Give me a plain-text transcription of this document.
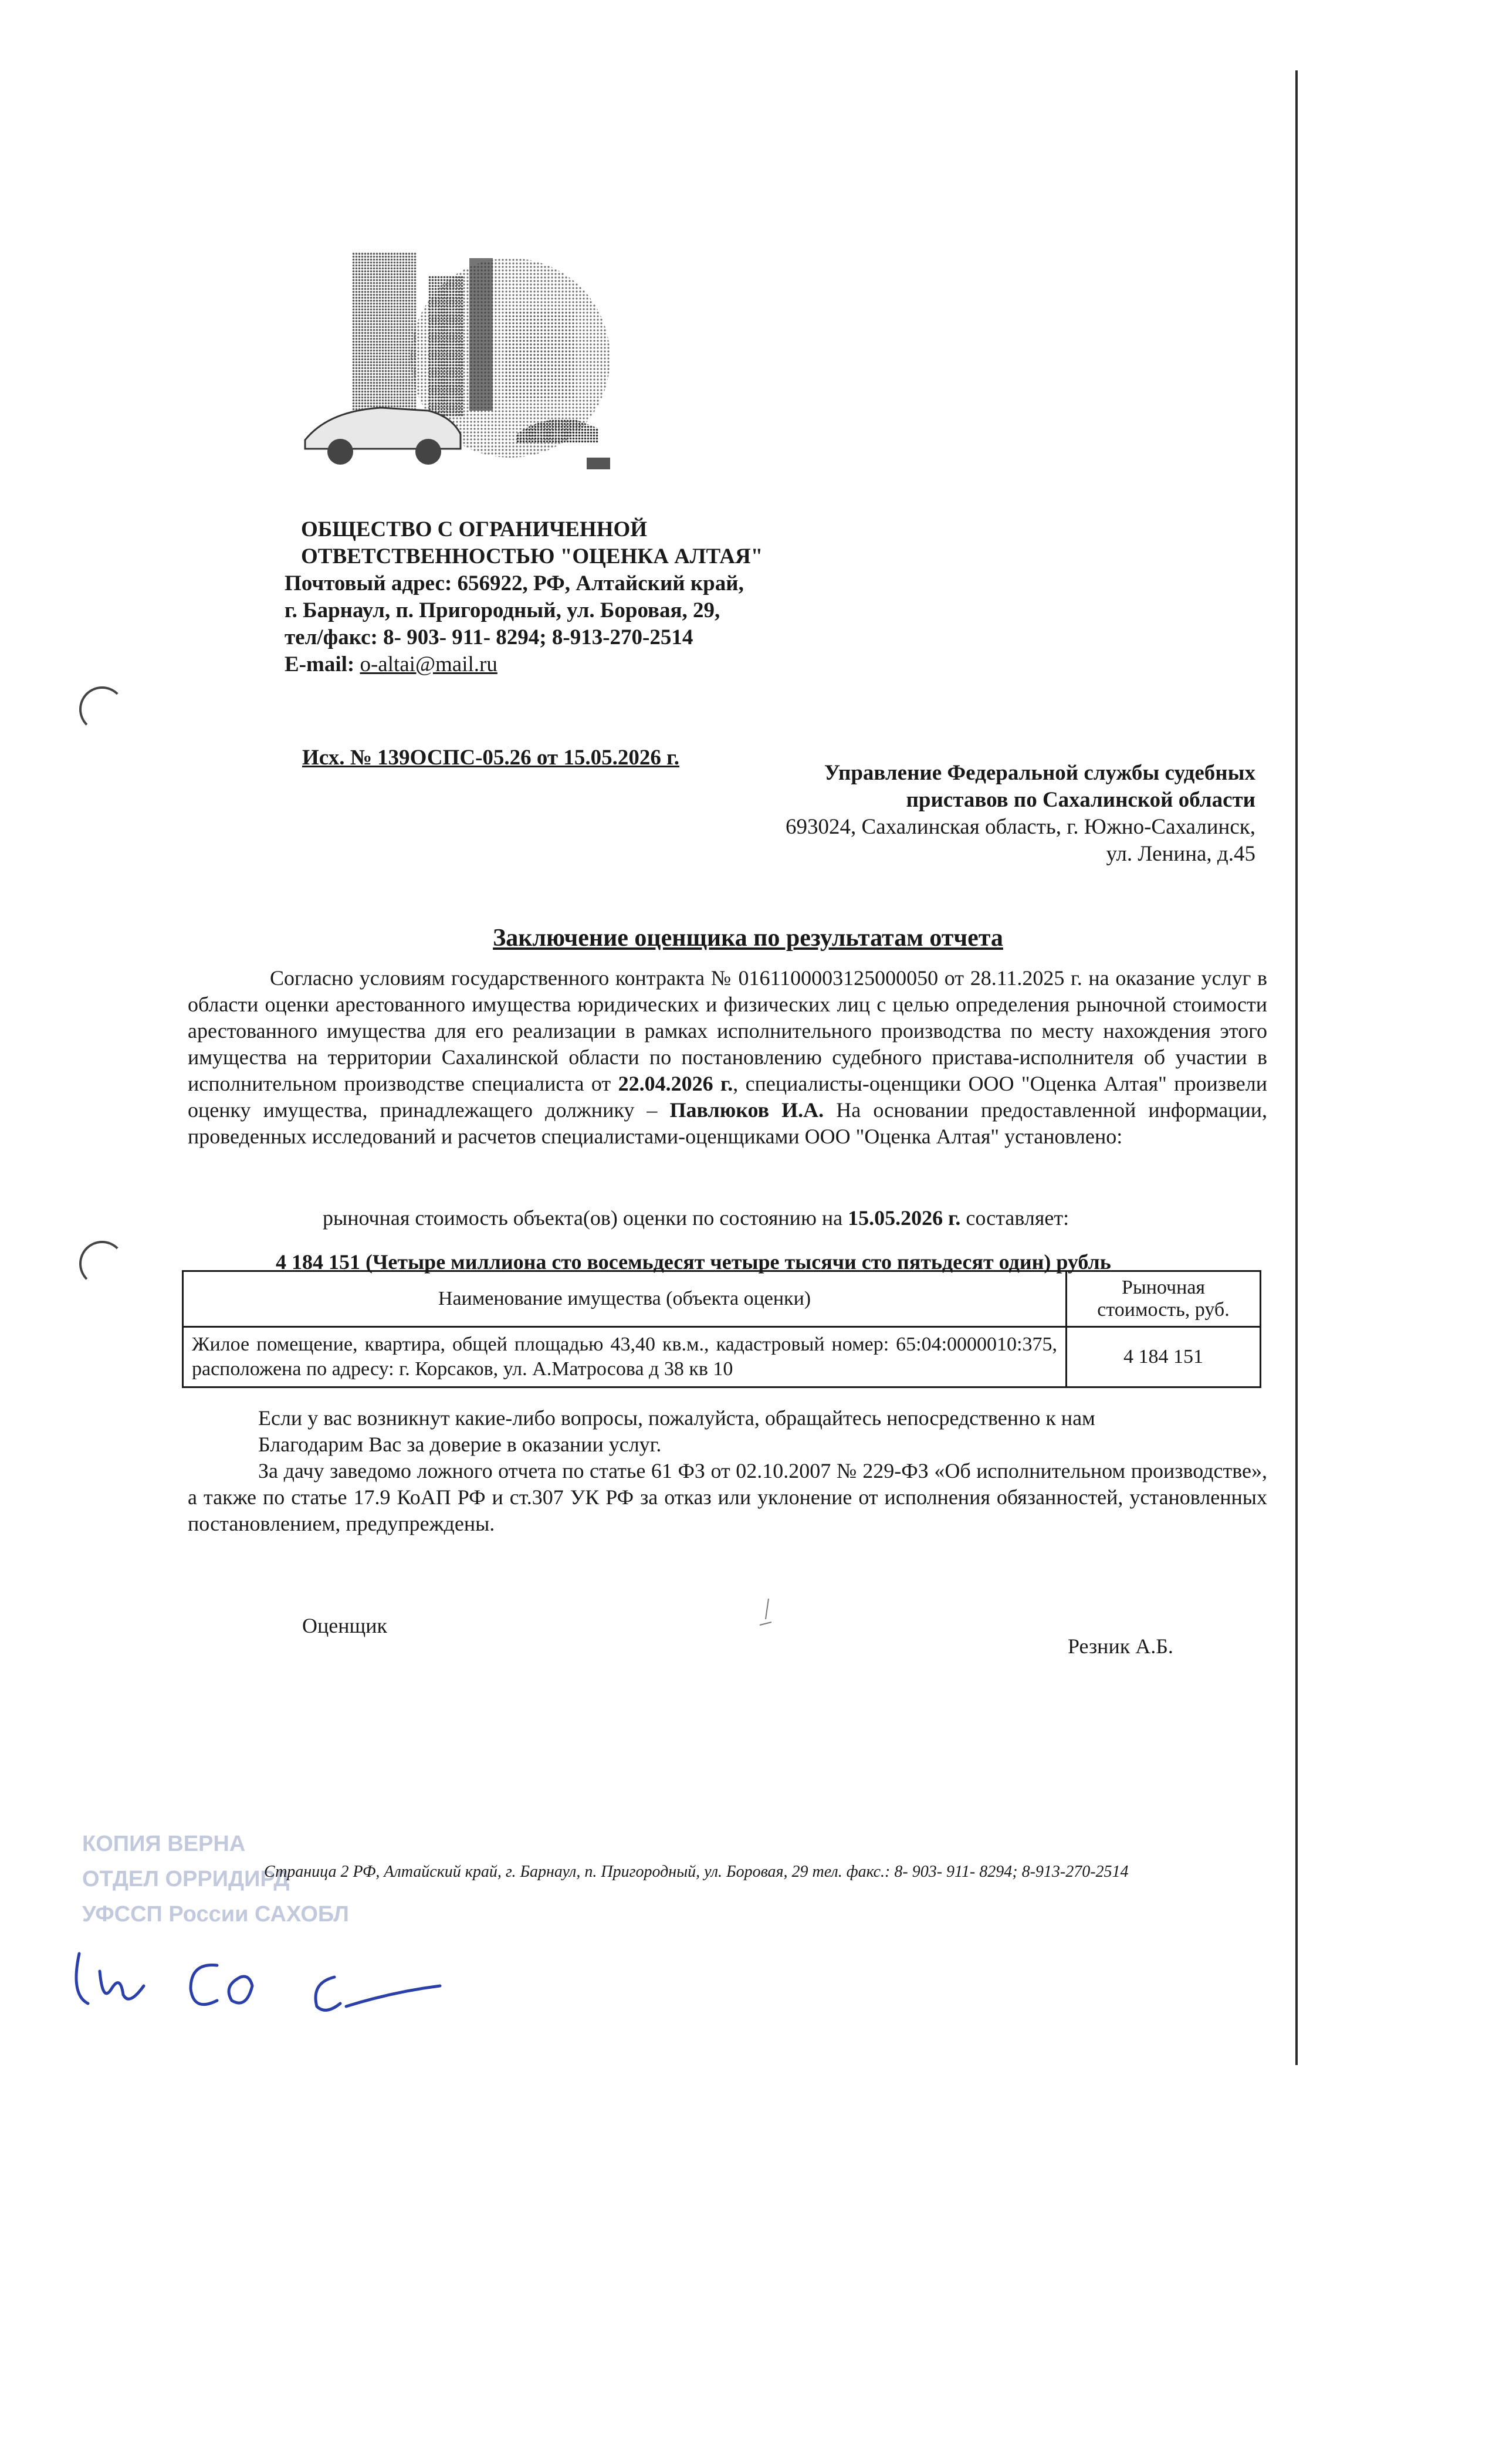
ОБЩЕСТВО С ОГРАНИЧЕННОЙ
ОТВЕТСТВЕННОСТЬЮ "ОЦЕНКА АЛТАЯ"
Почтовый адрес: 656922, РФ, Алтайский край,
г. Барнаул, п. Пригородный, ул. Боровая, 29,
тел/факс: 8- 903- 911- 8294; 8-913-270-2514
E-mail: o-altai@mail.ru
Исх. № 139ОСПС-05.26 от 15.05.2026 г.
Управление Федеральной службы судебных
приставов по Сахалинской области
693024, Сахалинская область, г. Южно-Сахалинск,
ул. Ленина, д.45
Заключение оценщика по результатам отчета

Согласно условиям государственного контракта № 0161100003125000050 от 28.11.2025 г. на оказание услуг в области оценки арестованного имущества юридических и физических лиц с целью определения рыночной стоимости арестованного имущества для его реализации в рамках исполнительного производства по месту нахождения этого имущества на территории Сахалинской области по постановлению судебного пристава-исполнителя об участии в исполнительном производстве специалиста от 22.04.2026 г., специалисты-оценщики ООО "Оценка Алтая" произвели оценку имущества, принадлежащего должнику – Павлюков И.А. На основании предоставленной информации, проведенных исследований и расчетов специалистами-оценщиками ООО "Оценка Алтая" установлено:

рыночная стоимость объекта(ов) оценки по состоянию на 15.05.2026 г. составляет:
4 184 151 (Четыре миллиона сто восемьдесят четыре тысячи сто пятьдесят один) рубль
Наименование имущества (объекта оценки)	Рыночная стоимость, руб.
Жилое помещение, квартира, общей площадью 43,40 кв.м., кадастровый номер: 65:04:0000010:375, расположена по адресу: г. Корсаков, ул. А.Матросова д 38 кв 10	4 184 151

Если у вас возникнут какие-либо вопросы, пожалуйста, обращайтесь непосредственно к нам

Благодарим Вас за доверие в оказании услуг.

За дачу заведомо ложного отчета по статье 61 ФЗ от 02.10.2007 № 229-ФЗ «Об исполнительном производстве», а также по статье 17.9 КоАП РФ и ст.307 УК РФ за отказ или уклонение от исполнения обязанностей, установленных постановлением, предупреждены.

Оценщик
Резник А.Б.
КОПИЯ ВЕРНА
ОТДЕЛ ОРРИДИРД
УФССП России САХОБЛ
Страница 2 РФ, Алтайский край, г. Барнаул, п. Пригородный, ул. Боровая, 29 тел. факс.: 8- 903- 911- 8294; 8-913-270-2514
